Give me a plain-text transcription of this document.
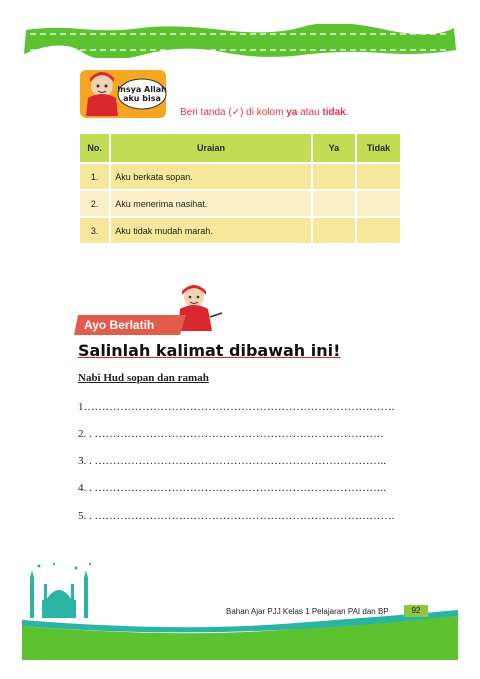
Insya Allah
aku bisa
Beri tanda (✓) di kolom ya atau tidak.
No.	Uraian	Ya	Tidak
1.	Aku berkata sopan.		
2.	Aku menerima nasihat.		
3.	Aku tidak mudah marah.		
Ayo Berlatih
Salinlah kalimat dibawah ini!
Nabi Hud sopan dan ramah
1………………………………………………………………………….
2. . …………………………………………………………………….
3. . ……………………………………………………………………..
4. . ……………………………………………………………………..
5. . ……………………………………………………………………….
Bahan Ajar PJJ Kelas 1 Pelajaran PAI dan BP	92
